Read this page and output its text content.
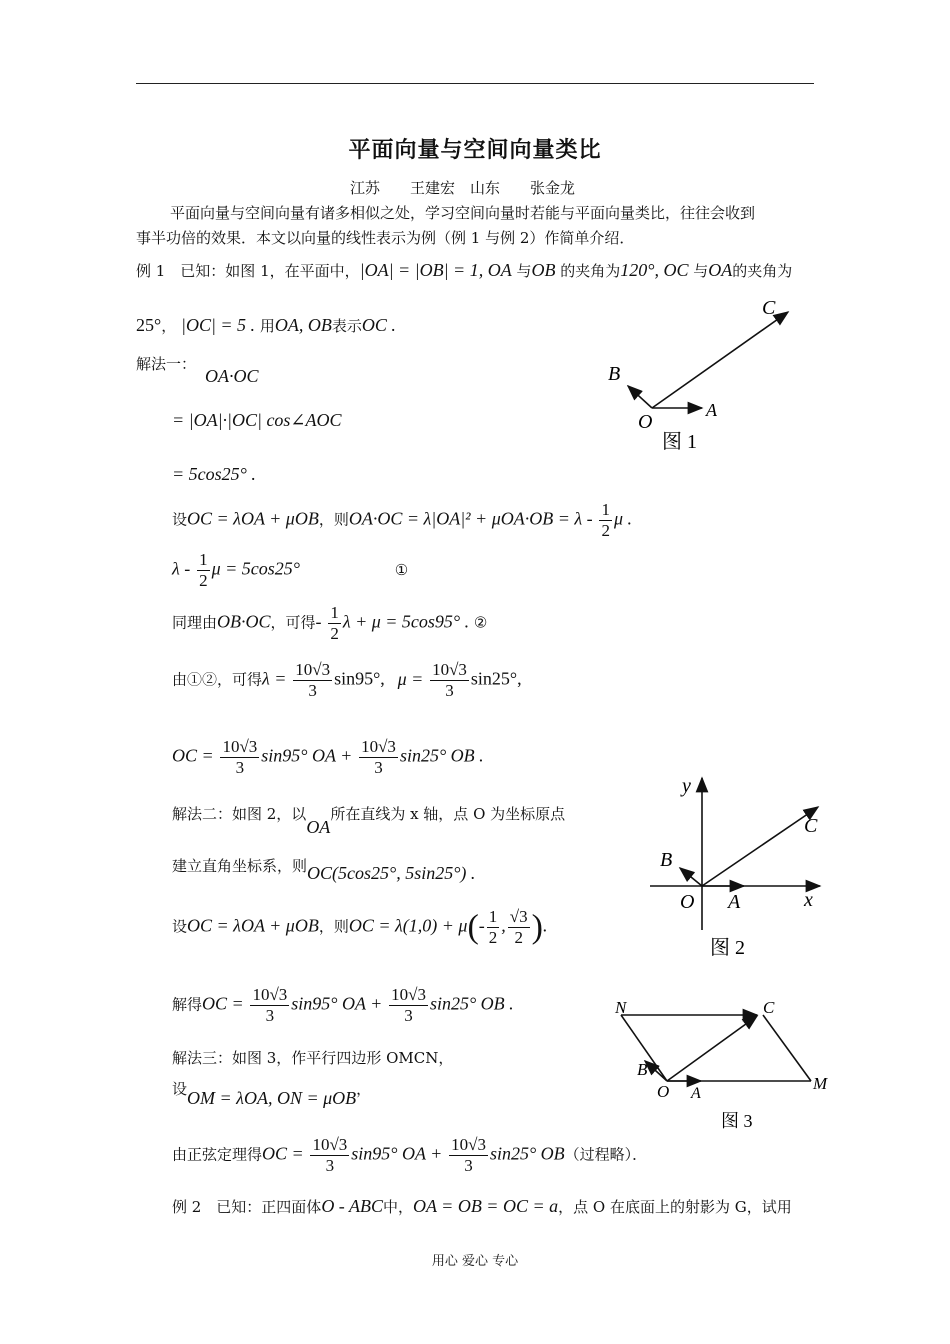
平面向量与空间向量类比
江苏　　王建宏　山东　　张金龙
平面向量与空间向量有诸多相似之处，学习空间向量时若能与平面向量类比，往往会收到
事半功倍的效果．本文以向量的线性表示为例（例 1 与例 2）作简单介绍．
例 1　已知：如图 1，在平面中，|OA| = |OB| = 1, OA 与OB 的夹角为120°, OC 与OA的夹角为
25°， |OC| = 5 . 用OA, OB表示OC .
解法一：
OA·OC
= |OA|·|OC| cos∠AOC
= 5cos25° .
设OC = λOA + μOB，则$OA\cdot OC = \lambda|OA|^2 + \mu OA\cdot OB = \lambda - \frac{1}{2}$ μ .
λ - $\frac{1}{2}$ μ = 5cos25°	①
同理由OB·OC，可得- $\frac{1}{2}$ λ + μ = 5cos95° . ②
由①②，可得$\lambda = \frac{10√3}{3} \sin 95^\circ$, $\mu = \frac{10√3}{3} \sin 25^\circ$,
OC = $\frac{10√3}{3} \sin 95^\circ$ OA + $\frac{10√3}{3} \sin 25^\circ$ OB .
解法二：如图 2，以OA所在直线为 x 轴，点 O 为坐标原点
建立直角坐标系，则OC(5cos25°, 5sin25°) .
设OC = λOA + μOB，则OC = $\lambda(1,0) + \mu(- \frac{1}{2}$ , $\frac{√3}{2}$ ).
解得OC = $\frac{10√3}{3} \sin 95^\circ$ OA + $\frac{10√3}{3} \sin 25^\circ$ OB .
解法三：如图 3，作平行四边形 OMCN，
设OM = λOA, ON = μOB，
由正弦定理得OC = $\frac{10√3}{3} \sin 95^\circ$ OA + $\frac{10√3}{3} \sin 25^\circ$ OB（过程略）．
例 2　已知：正四面体O - ABC中，OA = OB = OC = a，点 O 在底面上的射影为 G，试用
C
B
O
A
图 1
y
C
B
O A	x
图 2
N	C
B
O A
M
图 3
用心 爱心 专心
